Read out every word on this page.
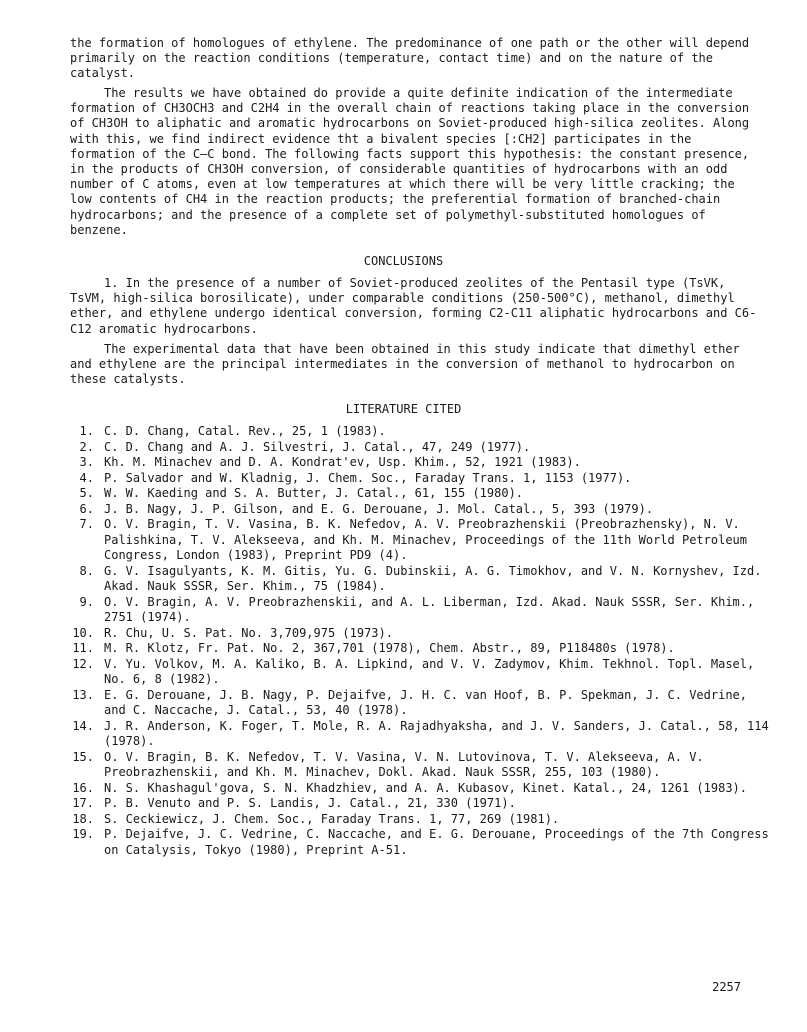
the formation of homologues of ethylene. The predominance of one path or the other will depend primarily on the reaction conditions (temperature, contact time) and on the nature of the catalyst.

The results we have obtained do provide a quite definite indication of the intermediate formation of CH3OCH3 and C2H4 in the overall chain of reactions taking place in the conversion of CH3OH to aliphatic and aromatic hydrocarbons on Soviet-produced high-silica zeolites. Along with this, we find indirect evidence tht a bivalent species [:CH2] participates in the formation of the C–C bond. The following facts support this hypothesis: the constant presence, in the products of CH3OH conversion, of considerable quantities of hydrocarbons with an odd number of C atoms, even at low temperatures at which there will be very little cracking; the low contents of CH4 in the reaction products; the preferential formation of branched-chain hydrocarbons; and the presence of a complete set of polymethyl-substituted homologues of benzene.

CONCLUSIONS

1. In the presence of a number of Soviet-produced zeolites of the Pentasil type (TsVK, TsVM, high-silica borosilicate), under comparable conditions (250-500°C), methanol, dimethyl ether, and ethylene undergo identical conversion, forming C2-C11 aliphatic hydrocarbons and C6-C12 aromatic hydrocarbons.

The experimental data that have been obtained in this study indicate that dimethyl ether and ethylene are the principal intermediates in the conversion of methanol to hydrocarbon on these catalysts.

LITERATURE CITED

1. C. D. Chang, Catal. Rev., 25, 1 (1983).
2. C. D. Chang and A. J. Silvestri, J. Catal., 47, 249 (1977).
3. Kh. M. Minachev and D. A. Kondrat'ev, Usp. Khim., 52, 1921 (1983).
4. P. Salvador and W. Kladnig, J. Chem. Soc., Faraday Trans. 1, 1153 (1977).
5. W. W. Kaeding and S. A. Butter, J. Catal., 61, 155 (1980).
6. J. B. Nagy, J. P. Gilson, and E. G. Derouane, J. Mol. Catal., 5, 393 (1979).
7. O. V. Bragin, T. V. Vasina, B. K. Nefedov, A. V. Preobrazhenskii (Preobrazhensky), N. V. Palishkina, T. V. Alekseeva, and Kh. M. Minachev, Proceedings of the 11th World Petroleum Congress, London (1983), Preprint PD9 (4).
8. G. V. Isagulyants, K. M. Gitis, Yu. G. Dubinskii, A. G. Timokhov, and V. N. Kornyshev, Izd. Akad. Nauk SSSR, Ser. Khim., 75 (1984).
9. O. V. Bragin, A. V. Preobrazhenskii, and A. L. Liberman, Izd. Akad. Nauk SSSR, Ser. Khim., 2751 (1974).
10. R. Chu, U. S. Pat. No. 3,709,975 (1973).
11. M. R. Klotz, Fr. Pat. No. 2, 367,701 (1978), Chem. Abstr., 89, P118480s (1978).
12. V. Yu. Volkov, M. A. Kaliko, B. A. Lipkind, and V. V. Zadymov, Khim. Tekhnol. Topl. Masel, No. 6, 8 (1982).
13. E. G. Derouane, J. B. Nagy, P. Dejaifve, J. H. C. van Hoof, B. P. Spekman, J. C. Vedrine, and C. Naccache, J. Catal., 53, 40 (1978).
14. J. R. Anderson, K. Foger, T. Mole, R. A. Rajadhyaksha, and J. V. Sanders, J. Catal., 58, 114 (1978).
15. O. V. Bragin, B. K. Nefedov, T. V. Vasina, V. N. Lutovinova, T. V. Alekseeva, A. V. Preobrazhenskii, and Kh. M. Minachev, Dokl. Akad. Nauk SSSR, 255, 103 (1980).
16. N. S. Khashagul'gova, S. N. Khadzhiev, and A. A. Kubasov, Kinet. Katal., 24, 1261 (1983).
17. P. B. Venuto and P. S. Landis, J. Catal., 21, 330 (1971).
18. S. Ceckiewicz, J. Chem. Soc., Faraday Trans. 1, 77, 269 (1981).
19. P. Dejaifve, J. C. Vedrine, C. Naccache, and E. G. Derouane, Proceedings of the 7th Congress on Catalysis, Tokyo (1980), Preprint A-51.

2257
